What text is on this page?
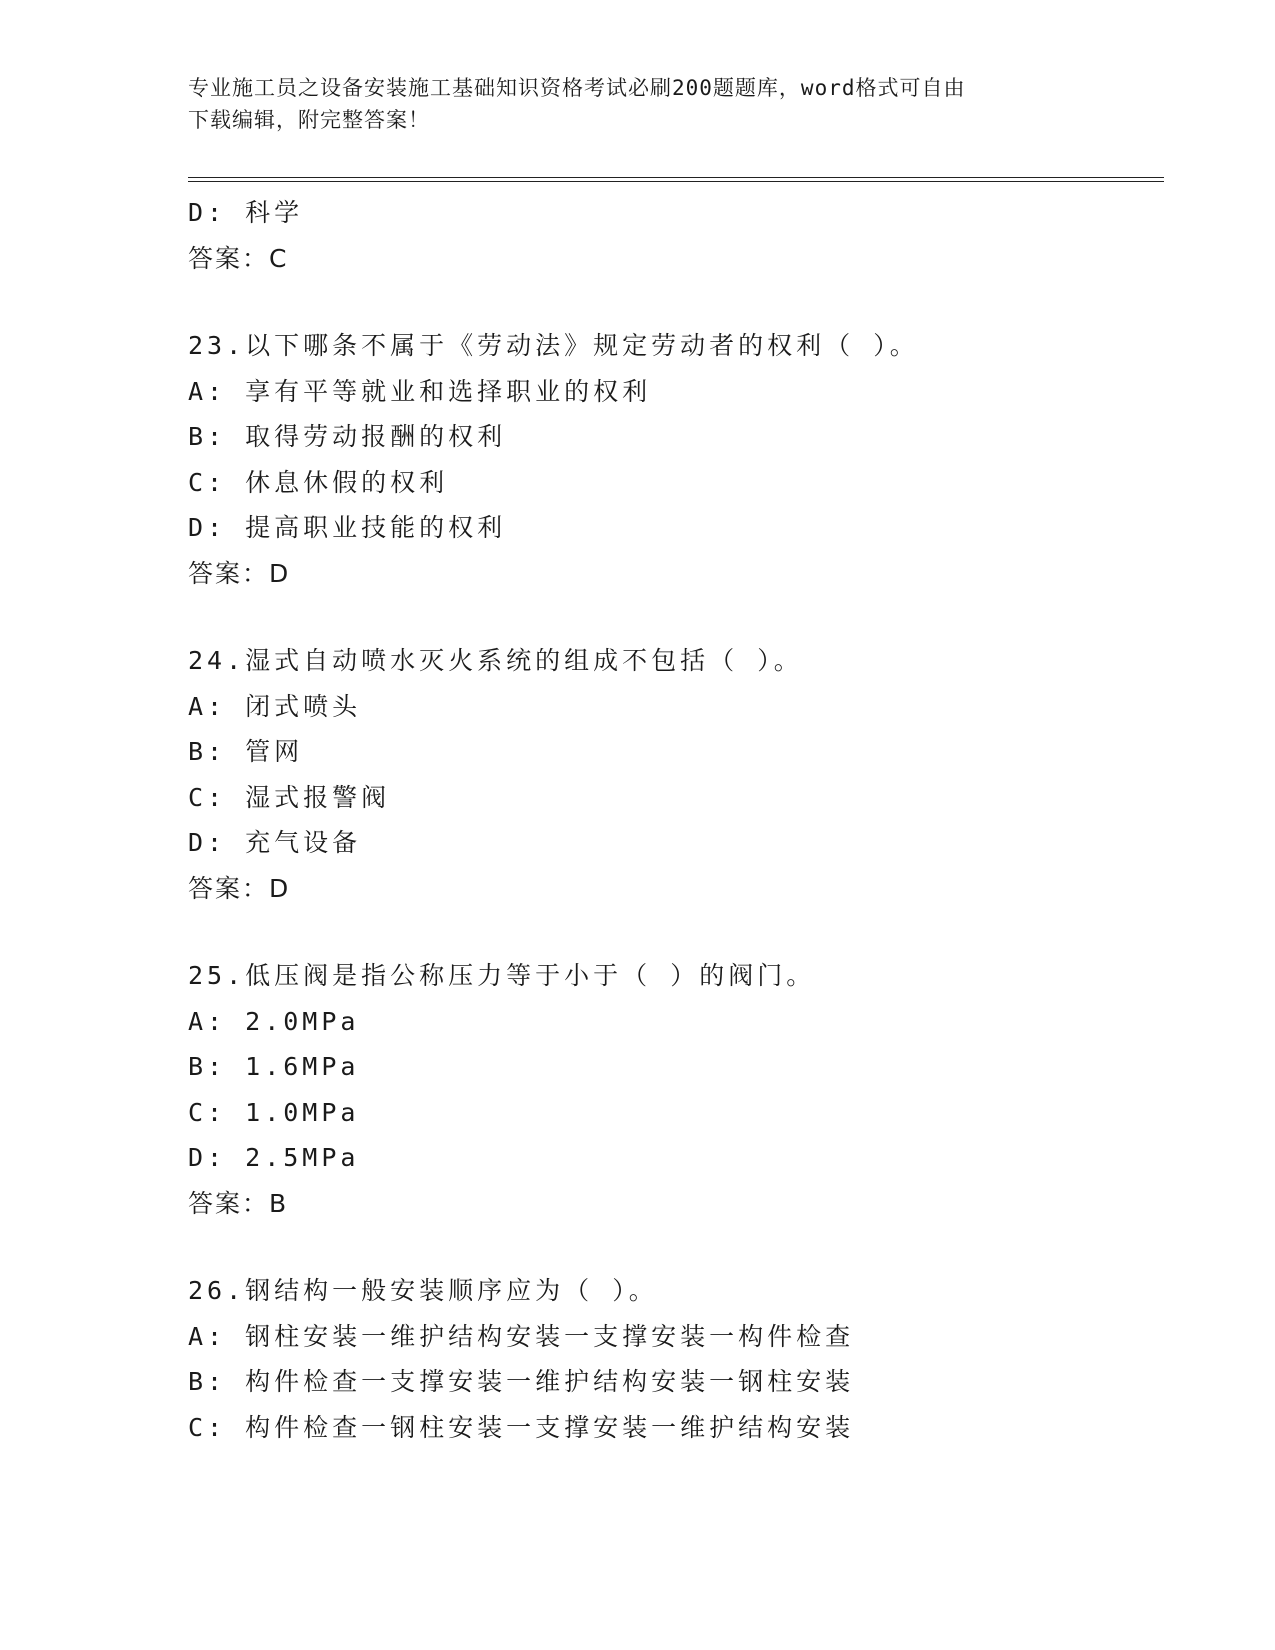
专业施工员之设备安装施工基础知识资格考试必刷200题题库，word格式可自由
下载编辑，附完整答案！
D: 科学
答案：C
23.以下哪条不属于《劳动法》规定劳动者的权利（ ）。
A: 享有平等就业和选择职业的权利
B: 取得劳动报酬的权利
C: 休息休假的权利
D: 提高职业技能的权利
答案：D
24.湿式自动喷水灭火系统的组成不包括（ ）。
A: 闭式喷头
B: 管网
C: 湿式报警阀
D: 充气设备
答案：D
25.低压阀是指公称压力等于小于（ ）的阀门。
A: 2.0MPa
B: 1.6MPa
C: 1.0MPa
D: 2.5MPa
答案：B
26.钢结构一般安装顺序应为（ ）。
A: 钢柱安装一维护结构安装一支撑安装一构件检查
B: 构件检查一支撑安装一维护结构安装一钢柱安装
C: 构件检查一钢柱安装一支撑安装一维护结构安装
